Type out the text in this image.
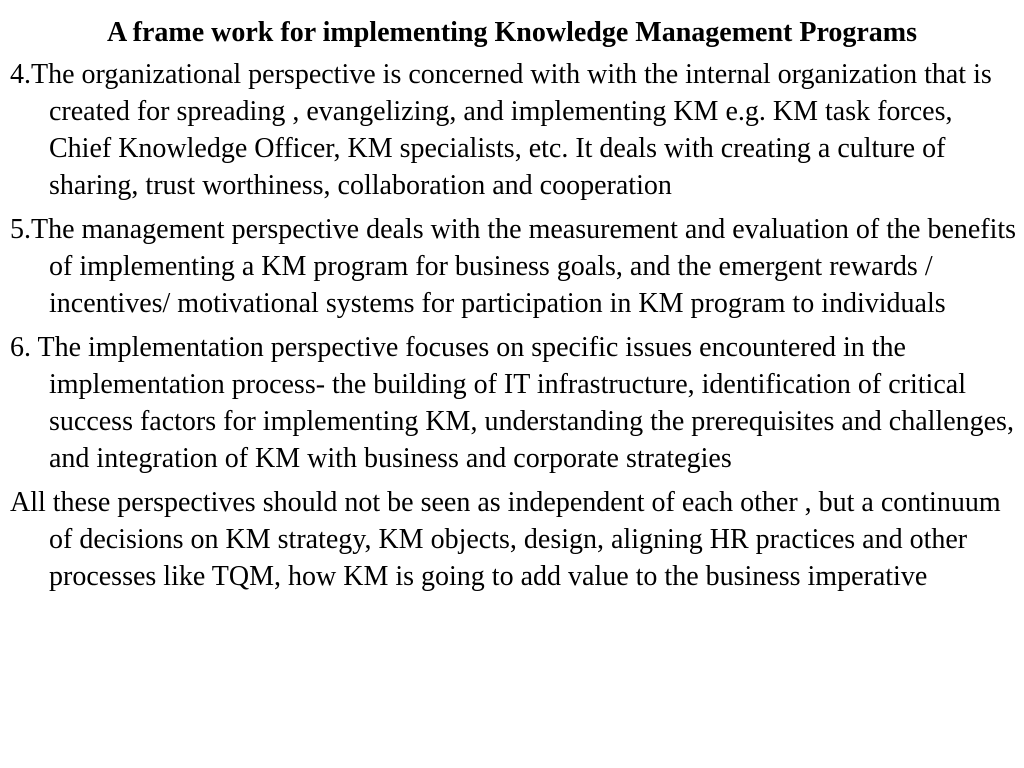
A frame work for implementing Knowledge Management Programs

4.The organizational perspective is concerned with with the internal organization that is created for spreading , evangelizing, and implementing KM e.g. KM task forces, Chief Knowledge Officer, KM specialists, etc. It deals with creating a culture of sharing, trust worthiness, collaboration and cooperation

5.The management perspective deals with the measurement and evaluation of the benefits of implementing a KM program for business goals, and the emergent rewards / incentives/ motivational systems for participation in KM program to individuals

6. The implementation perspective focuses on specific issues encountered in the implementation process- the building of IT infrastructure, identification of critical success factors for implementing KM, understanding the prerequisites and challenges, and integration of KM with business and corporate strategies

All these perspectives should not be seen as independent of each other , but a continuum of decisions on KM strategy, KM objects, design, aligning HR practices and other processes like TQM, how KM is going to add value to the business imperative
